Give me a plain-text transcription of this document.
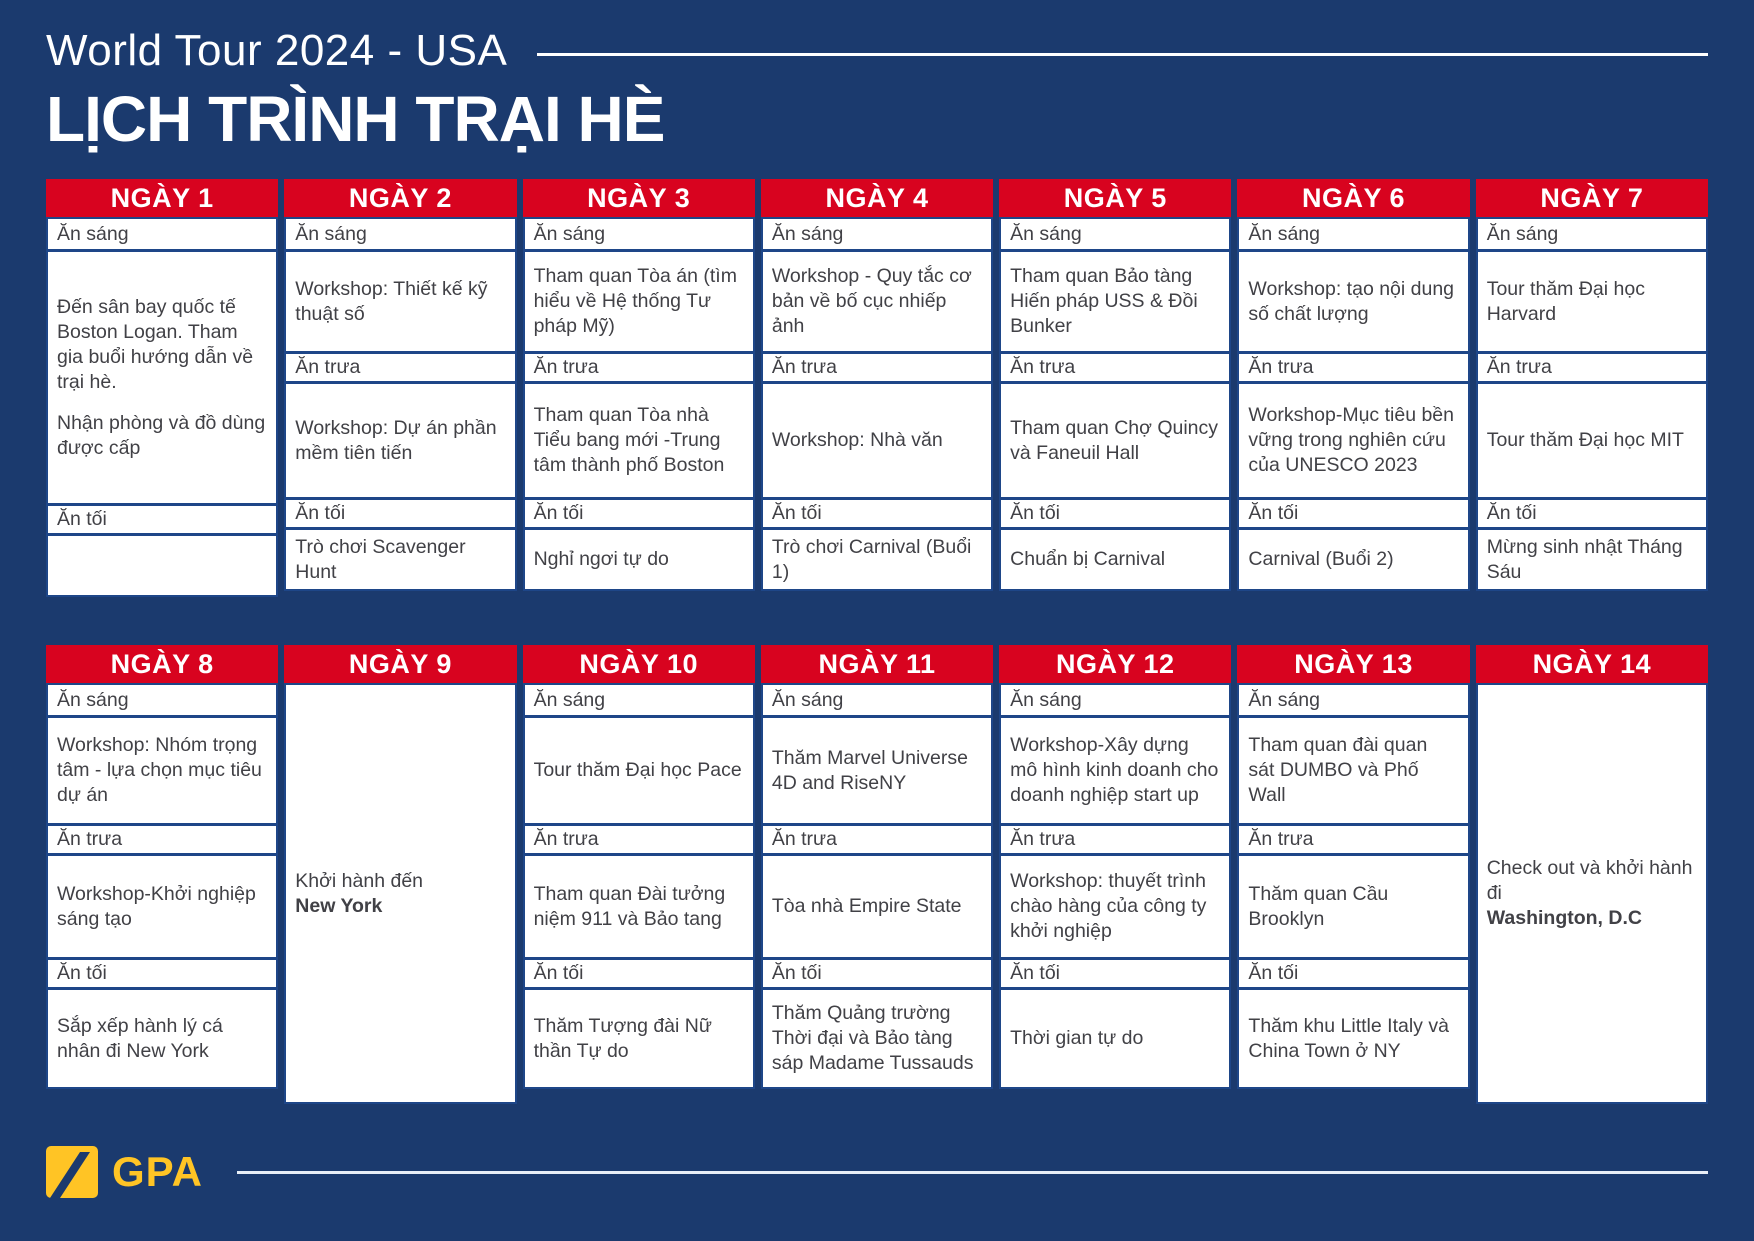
World Tour 2024 - USA
LỊCH TRÌNH TRẠI HÈ
NGÀY 1
Ăn sáng

Đến sân bay quốc tế Boston Logan. Tham gia buổi hướng dẫn về trại hè.

Nhận phòng và đồ dùng được cấp

Ăn tối
NGÀY 2
Ăn sáng
Workshop: Thiết kế kỹ thuật số
Ăn trưa
Workshop: Dự án phần mềm tiên tiến
Ăn tối
Trò chơi Scavenger Hunt
NGÀY 3
Ăn sáng
Tham quan Tòa án (tìm hiểu về Hệ thống Tư pháp Mỹ)
Ăn trưa
Tham quan Tòa nhà Tiểu bang mới -Trung tâm thành phố Boston
Ăn tối
Nghỉ ngơi tự do
NGÀY 4
Ăn sáng
Workshop - Quy tắc cơ bản về bố cục nhiếp ảnh
Ăn trưa
Workshop: Nhà văn
Ăn tối
Trò chơi Carnival (Buổi 1)
NGÀY 5
Ăn sáng
Tham quan Bảo tàng Hiến pháp USS & Đồi Bunker
Ăn trưa
Tham quan Chợ Quincy và Faneuil Hall
Ăn tối
Chuẩn bị Carnival
NGÀY 6
Ăn sáng
Workshop: tạo nội dung số chất lượng
Ăn trưa
Workshop-Mục tiêu bền vững trong nghiên cứu của UNESCO 2023
Ăn tối
Carnival (Buổi 2)
NGÀY 7
Ăn sáng
Tour thăm Đại học Harvard
Ăn trưa
Tour thăm Đại học MIT
Ăn tối
Mừng sinh nhật Tháng Sáu
NGÀY 8
Ăn sáng
Workshop: Nhóm trọng tâm - lựa chọn mục tiêu dự án
Ăn trưa
Workshop-Khởi nghiệp sáng tạo
Ăn tối
Sắp xếp hành lý cá nhân đi New York
NGÀY 9
Khởi hành đến
New York
NGÀY 10
Ăn sáng
Tour thăm Đại học Pace
Ăn trưa
Tham quan Đài tưởng niệm 911 và Bảo tang
Ăn tối
Thăm Tượng đài Nữ thần Tự do
NGÀY 11
Ăn sáng
Thăm Marvel Universe 4D and RiseNY
Ăn trưa
Tòa nhà Empire State
Ăn tối
Thăm Quảng trường Thời đại và Bảo tàng sáp Madame Tussauds
NGÀY 12
Ăn sáng
Workshop-Xây dựng mô hình kinh doanh cho doanh nghiệp start up
Ăn trưa
Workshop: thuyết trình chào hàng của công ty khởi nghiệp
Ăn tối
Thời gian tự do
NGÀY 13
Ăn sáng
Tham quan đài quan sát DUMBO và Phố Wall
Ăn trưa
Thăm quan Cầu Brooklyn
Ăn tối
Thăm khu Little Italy và China Town ở NY
NGÀY 14
Check out và khởi hành đi
Washington, D.C
GPA
